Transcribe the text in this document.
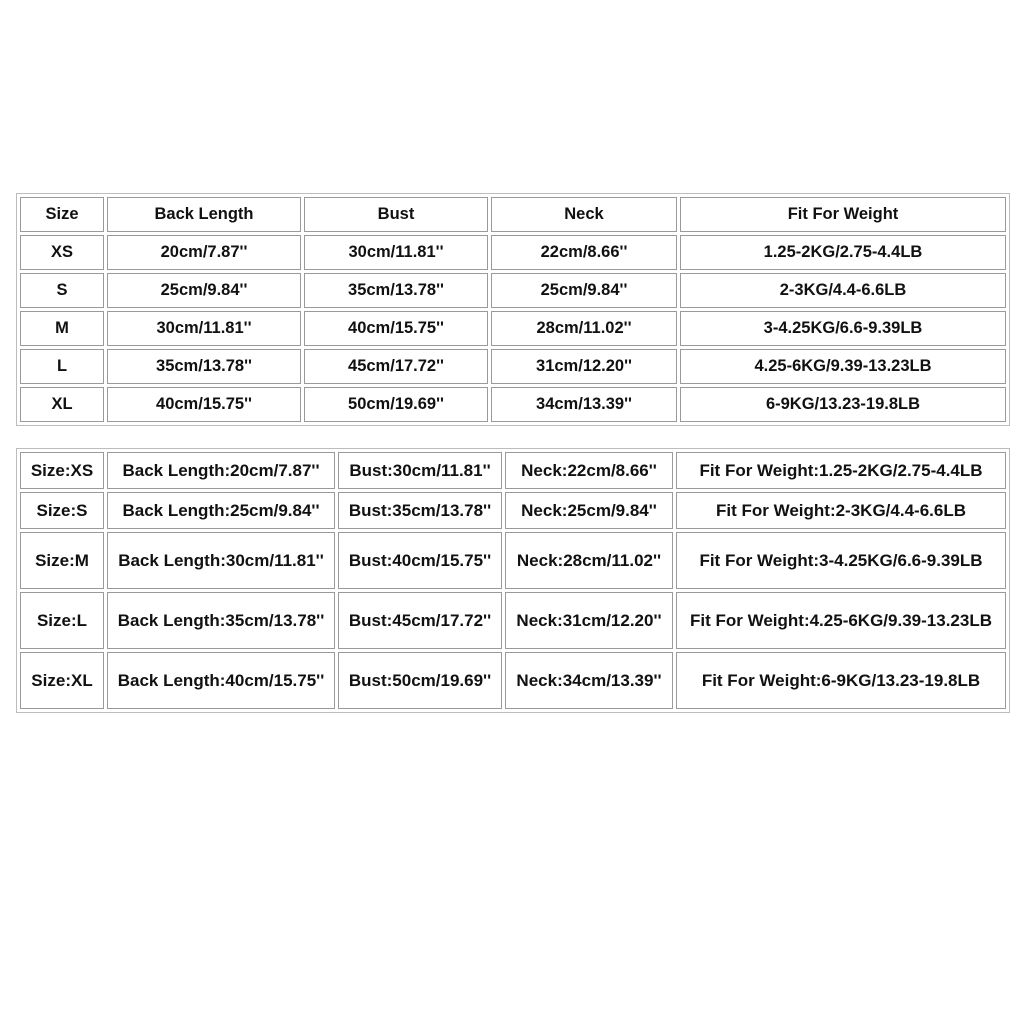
Size	Back Length	Bust	Neck	Fit For Weight
XS	20cm/7.87''	30cm/11.81''	22cm/8.66''	1.25-2KG/2.75-4.4LB
S	25cm/9.84''	35cm/13.78''	25cm/9.84''	2-3KG/4.4-6.6LB
M	30cm/11.81''	40cm/15.75''	28cm/11.02''	3-4.25KG/6.6-9.39LB
L	35cm/13.78''	45cm/17.72''	31cm/12.20''	4.25-6KG/9.39-13.23LB
XL	40cm/15.75''	50cm/19.69''	34cm/13.39''	6-9KG/13.23-19.8LB
Size:XS	Back Length:20cm/7.87''	Bust:30cm/11.81''	Neck:22cm/8.66''	Fit For Weight:1.25-2KG/2.75-4.4LB
Size:S	Back Length:25cm/9.84''	Bust:35cm/13.78''	Neck:25cm/9.84''	Fit For Weight:2-3KG/4.4-6.6LB
Size:M	Back Length:30cm/11.81''	Bust:40cm/15.75''	Neck:28cm/11.02''	Fit For Weight:3-4.25KG/6.6-9.39LB
Size:L	Back Length:35cm/13.78''	Bust:45cm/17.72''	Neck:31cm/12.20''	Fit For Weight:4.25-6KG/9.39-13.23LB
Size:XL	Back Length:40cm/15.75''	Bust:50cm/19.69''	Neck:34cm/13.39''	Fit For Weight:6-9KG/13.23-19.8LB
